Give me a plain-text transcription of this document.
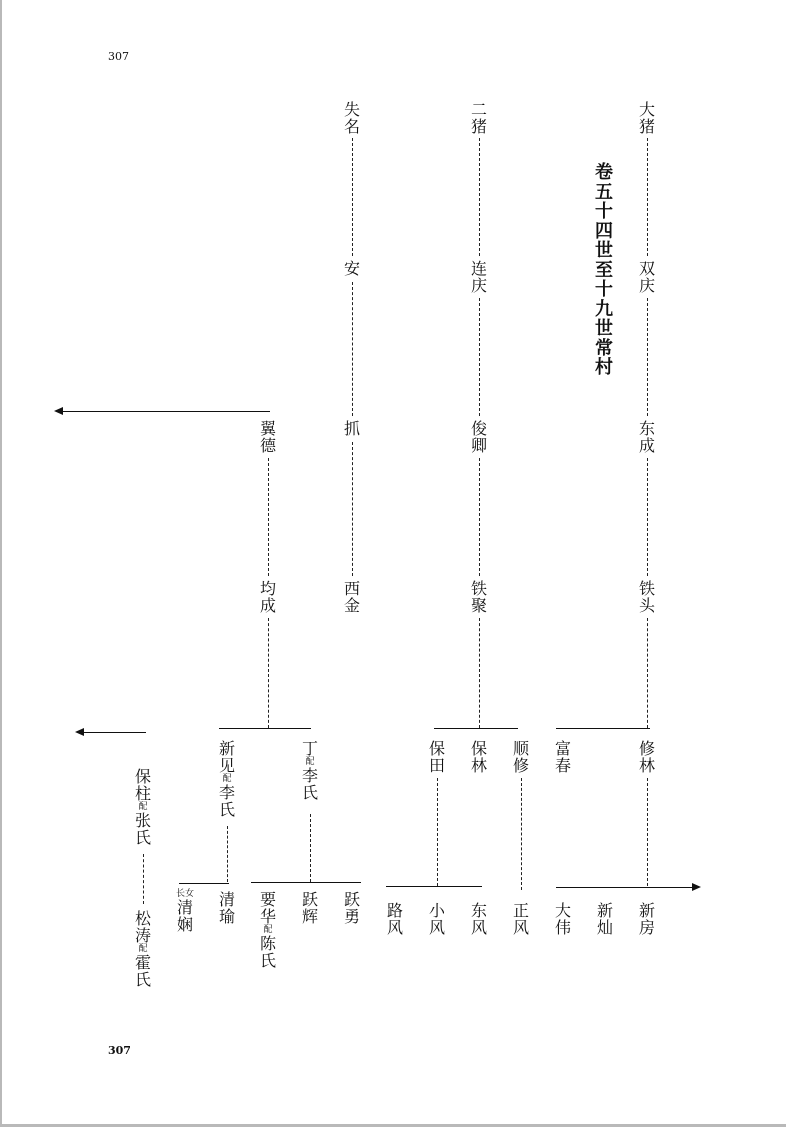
307
307
卷五　十四世至十九世　常村
大猪
双庆
东成
铁头
修林
富春
新房
新灿
大伟
二猪
连庆
俊卿
铁聚
保田
保林
顺修
路风
小风
东风
正风
失名
安
抓
西金
翼德
均成
新见
配
李氏
丁
配
李氏
清瑜
长女
清娴
要华
配
陈氏
跃辉
跃勇
保柱
配
张氏
松涛
配
霍氏
